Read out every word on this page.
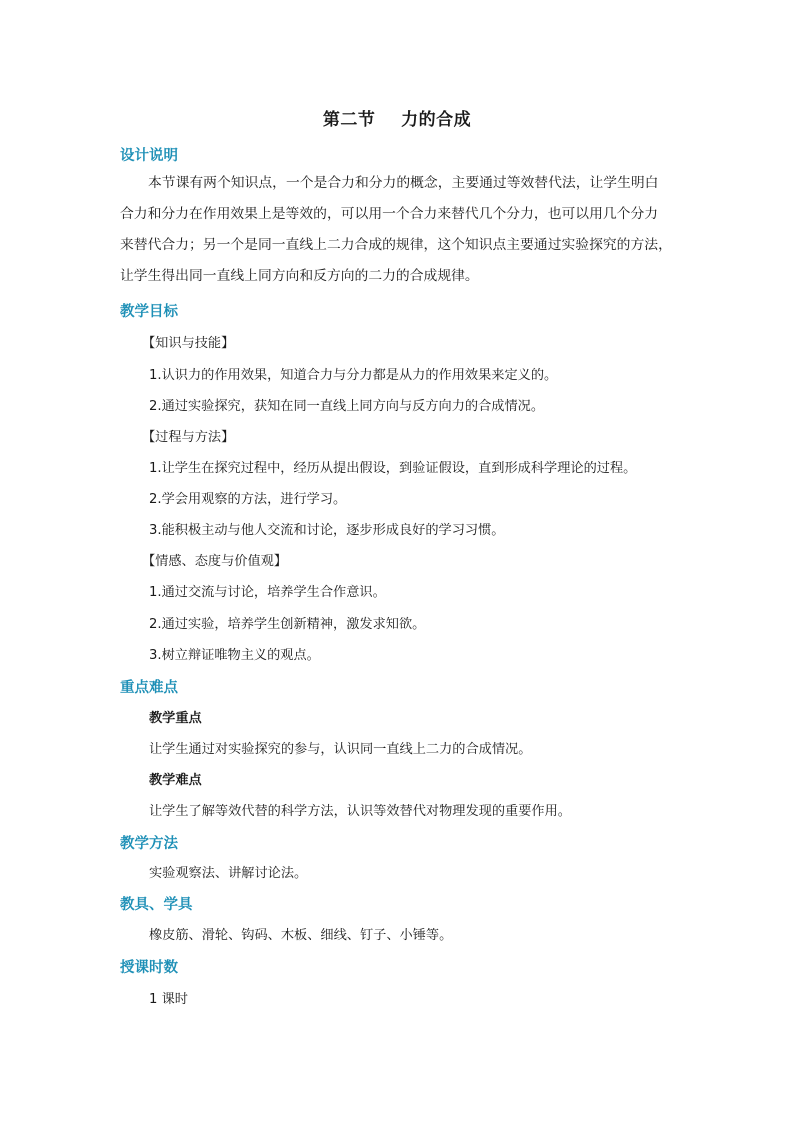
第二节    力的合成
设计说明
本节课有两个知识点，一个是合力和分力的概念，主要通过等效替代法，让学生明白
合力和分力在作用效果上是等效的，可以用一个合力来替代几个分力，也可以用几个分力
来替代合力；另一个是同一直线上二力合成的规律，这个知识点主要通过实验探究的方法，
让学生得出同一直线上同方向和反方向的二力的合成规律。
教学目标
【知识与技能】
1.认识力的作用效果，知道合力与分力都是从力的作用效果来定义的。
2.通过实验探究，获知在同一直线上同方向与反方向力的合成情况。
【过程与方法】
1.让学生在探究过程中，经历从提出假设，到验证假设，直到形成科学理论的过程。
2.学会用观察的方法，进行学习。
3.能积极主动与他人交流和讨论，逐步形成良好的学习习惯。
【情感、态度与价值观】
1.通过交流与讨论，培养学生合作意识。
2.通过实验，培养学生创新精神，激发求知欲。
3.树立辩证唯物主义的观点。
重点难点
教学重点
让学生通过对实验探究的参与，认识同一直线上二力的合成情况。
教学难点
让学生了解等效代替的科学方法，认识等效替代对物理发现的重要作用。
教学方法
实验观察法、讲解讨论法。
教具、学具
橡皮筋、滑轮、钩码、木板、细线、钉子、小锤等。
授课时数
1 课时
